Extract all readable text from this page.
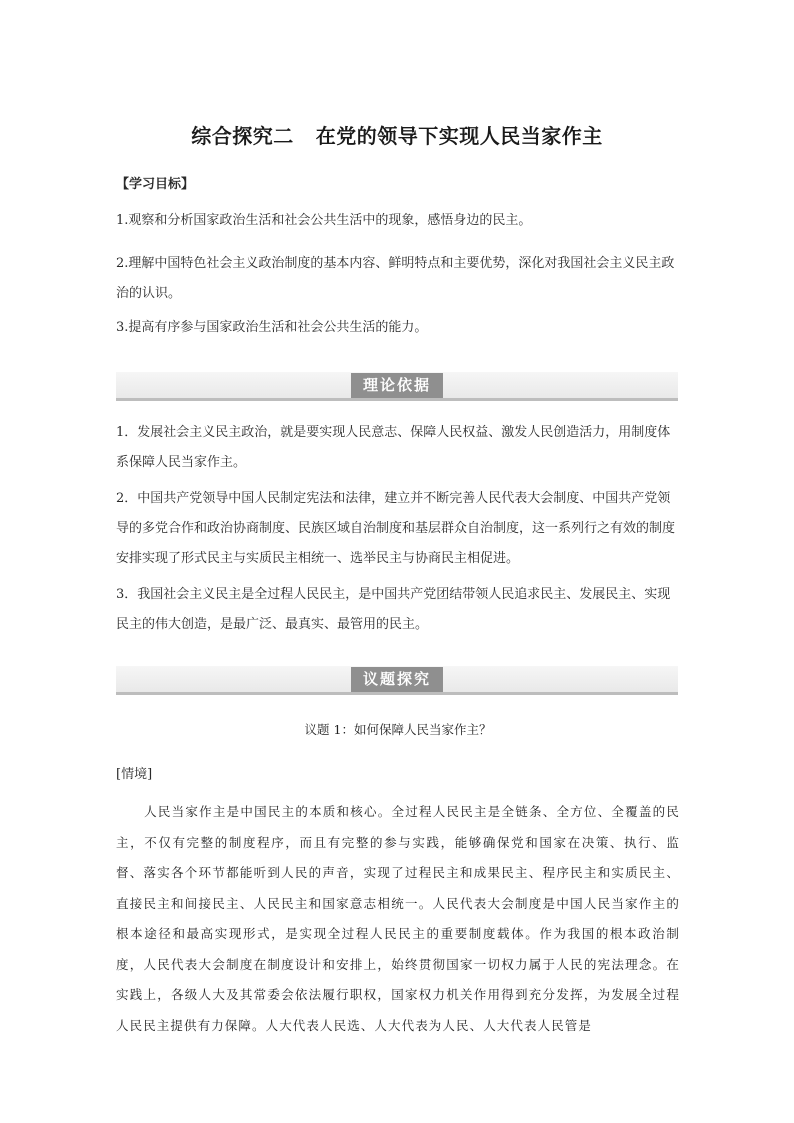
综合探究二 在党的领导下实现人民当家作主
【学习目标】
1.观察和分析国家政治生活和社会公共生活中的现象，感悟身边的民主。
2.理解中国特色社会主义政治制度的基本内容、鲜明特点和主要优势，深化对我国社会主义民主政治的认识。
3.提高有序参与国家政治生活和社会公共生活的能力。
理论依据
1．发展社会主义民主政治，就是要实现人民意志、保障人民权益、激发人民创造活力，用制度体系保障人民当家作主。
2．中国共产党领导中国人民制定宪法和法律，建立并不断完善人民代表大会制度、中国共产党领导的多党合作和政治协商制度、民族区域自治制度和基层群众自治制度，这一系列行之有效的制度安排实现了形式民主与实质民主相统一、选举民主与协商民主相促进。
3．我国社会主义民主是全过程人民民主，是中国共产党团结带领人民追求民主、发展民主、实现民主的伟大创造，是最广泛、最真实、最管用的民主。
议题探究
议题 1：如何保障人民当家作主？
[情境]
人民当家作主是中国民主的本质和核心。全过程人民民主是全链条、全方位、全覆盖的民主，不仅有完整的制度程序，而且有完整的参与实践，能够确保党和国家在决策、执行、监督、落实各个环节都能听到人民的声音，实现了过程民主和成果民主、程序民主和实质民主、直接民主和间接民主、人民民主和国家意志相统一。人民代表大会制度是中国人民当家作主的根本途径和最高实现形式，是实现全过程人民民主的重要制度载体。作为我国的根本政治制度，人民代表大会制度在制度设计和安排上，始终贯彻国家一切权力属于人民的宪法理念。在实践上，各级人大及其常委会依法履行职权，国家权力机关作用得到充分发挥，为发展全过程人民民主提供有力保障。人大代表人民选、人大代表为人民、人大代表人民管是
